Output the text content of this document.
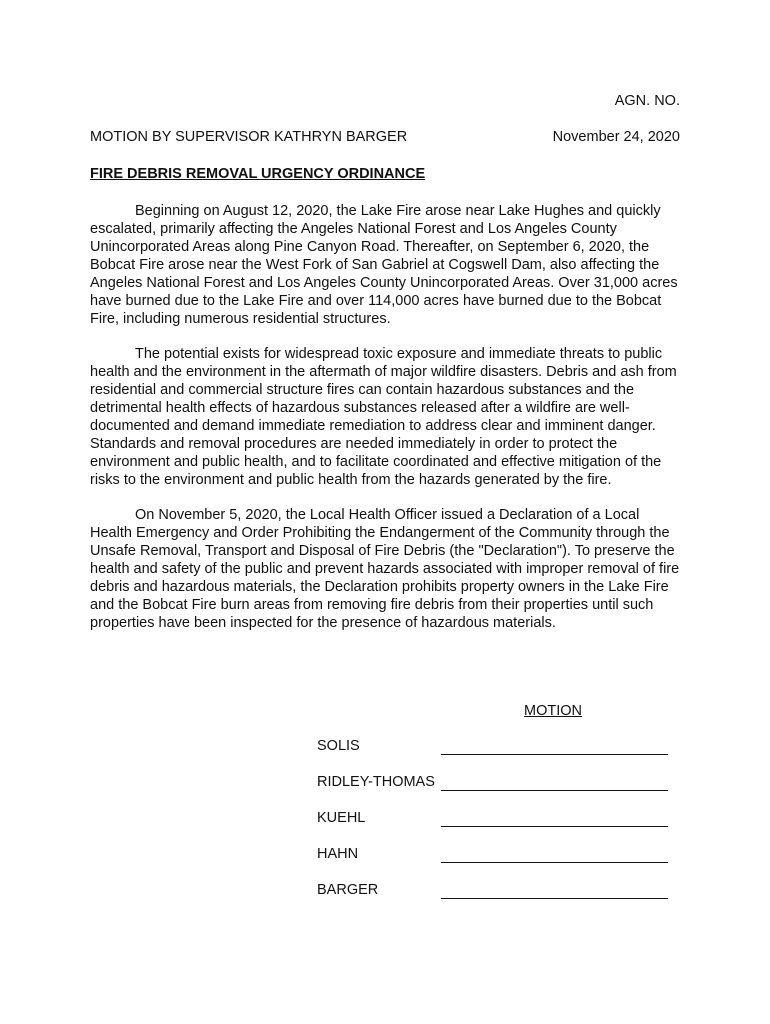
AGN. NO.
MOTION BY SUPERVISOR KATHRYN BARGER	November 24, 2020
FIRE DEBRIS REMOVAL URGENCY ORDINANCE

Beginning on August 12, 2020, the Lake Fire arose near Lake Hughes and quickly escalated, primarily affecting the Angeles National Forest and Los Angeles County Unincorporated Areas along Pine Canyon Road. Thereafter, on September 6, 2020, the Bobcat Fire arose near the West Fork of San Gabriel at Cogswell Dam, also affecting the Angeles National Forest and Los Angeles County Unincorporated Areas. Over 31,000 acres have burned due to the Lake Fire and over 114,000 acres have burned due to the Bobcat Fire, including numerous residential structures.

The potential exists for widespread toxic exposure and immediate threats to public health and the environment in the aftermath of major wildfire disasters. Debris and ash from residential and commercial structure fires can contain hazardous substances and the detrimental health effects of hazardous substances released after a wildfire are well-documented and demand immediate remediation to address clear and imminent danger. Standards and removal procedures are needed immediately in order to protect the environment and public health, and to facilitate coordinated and effective mitigation of the risks to the environment and public health from the hazards generated by the fire.

On November 5, 2020, the Local Health Officer issued a Declaration of a Local Health Emergency and Order Prohibiting the Endangerment of the Community through the Unsafe Removal, Transport and Disposal of Fire Debris (the "Declaration"). To preserve the health and safety of the public and prevent hazards associated with improper removal of fire debris and hazardous materials, the Declaration prohibits property owners in the Lake Fire and the Bobcat Fire burn areas from removing fire debris from their properties until such properties have been inspected for the presence of hazardous materials.

MOTION
SOLIS
RIDLEY-THOMAS
KUEHL
HAHN
BARGER
